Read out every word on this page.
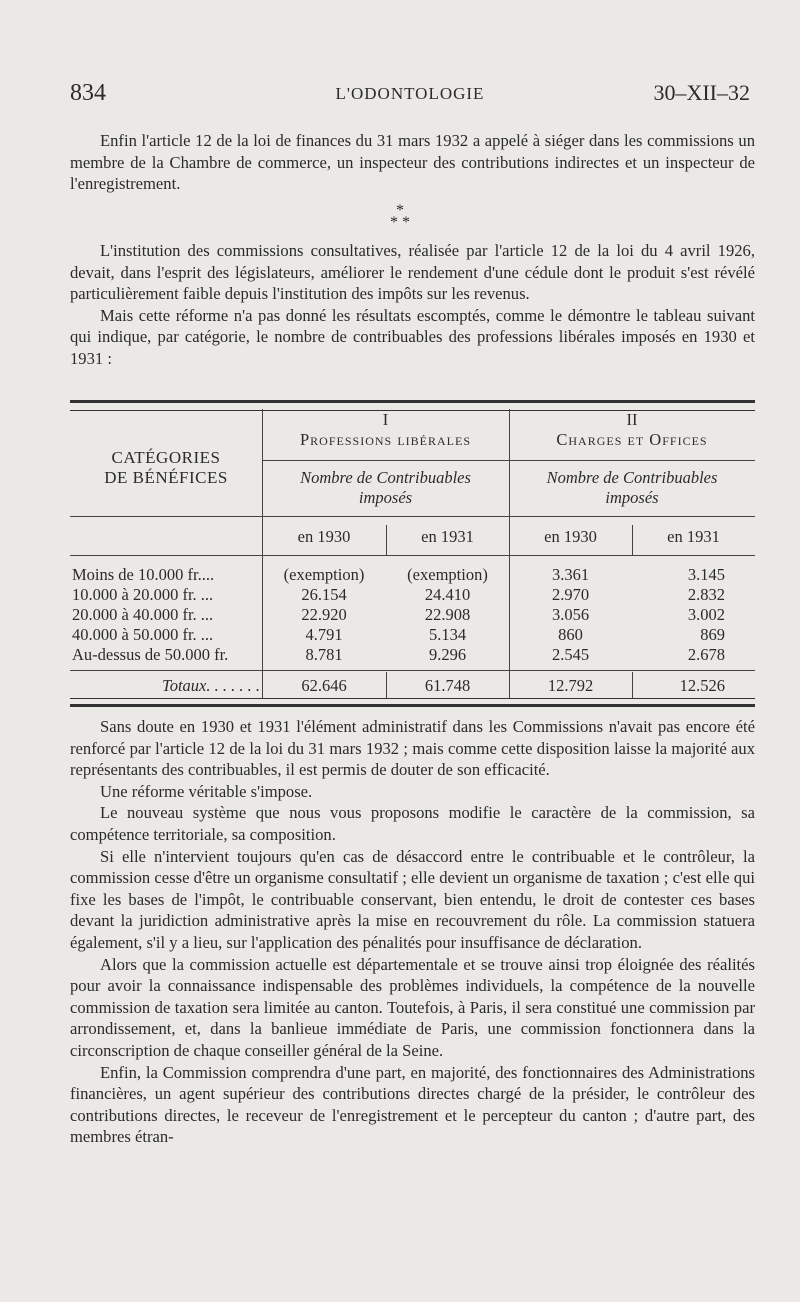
834	L'ODONTOLOGIE	30–XII–32

Enfin l'article 12 de la loi de finances du 31 mars 1932 a appelé à siéger dans les commissions un membre de la Chambre de commerce, un inspecteur des contributions indirectes et un inspecteur de l'enregistrement.

*
* *

L'institution des commissions consultatives, réalisée par l'article 12 de la loi du 4 avril 1926, devait, dans l'esprit des législateurs, améliorer le rendement d'une cédule dont le produit s'est révélé particulièrement faible depuis l'institution des impôts sur les revenus.

Mais cette réforme n'a pas donné les résultats escomptés, comme le démontre le tableau suivant qui indique, par catégorie, le nombre de contribuables des professions libérales imposés en 1930 et 1931 :

CATÉGORIES
DE BÉNÉFICES
I
Professions libérales
II
Charges et Offices
Nombre de Contribuables
imposés
Nombre de Contribuables
imposés
en 1930	en 1931	en 1930	en 1931
Moins de 10.000 fr....	(exemption)	(exemption)	3.361	3.145
10.000 à 20.000 fr. ...	26.154	24.410	2.970	2.832
20.000 à 40.000 fr. ...	22.920	22.908	3.056	3.002
40.000 à 50.000 fr. ...	4.791	5.134	860	869
Au-dessus de 50.000 fr.	8.781	9.296	2.545	2.678
Totaux. . . . . . .	62.646	61.748	12.792	12.526

Sans doute en 1930 et 1931 l'élément administratif dans les Commissions n'avait pas encore été renforcé par l'article 12 de la loi du 31 mars 1932 ; mais comme cette disposition laisse la majorité aux représentants des contribuables, il est permis de douter de son efficacité.

Une réforme véritable s'impose.

Le nouveau système que nous vous proposons modifie le caractère de la commission, sa compétence territoriale, sa composition.

Si elle n'intervient toujours qu'en cas de désaccord entre le contribuable et le contrôleur, la commission cesse d'être un organisme consultatif ; elle devient un organisme de taxation ; c'est elle qui fixe les bases de l'impôt, le contribuable conservant, bien entendu, le droit de contester ces bases devant la juridiction administrative après la mise en recouvrement du rôle. La commission statuera également, s'il y a lieu, sur l'application des pénalités pour insuffisance de déclaration.

Alors que la commission actuelle est départementale et se trouve ainsi trop éloignée des réalités pour avoir la connaissance indispensable des problèmes individuels, la compétence de la nouvelle commission de taxation sera limitée au canton. Toutefois, à Paris, il sera constitué une commission par arrondissement, et, dans la banlieue immédiate de Paris, une commission fonctionnera dans la circonscription de chaque conseiller général de la Seine.

Enfin, la Commission comprendra d'une part, en majorité, des fonctionnaires des Administrations financières, un agent supérieur des contributions directes chargé de la présider, le contrôleur des contributions directes, le receveur de l'enregistrement et le percepteur du canton ; d'autre part, des membres étran-
